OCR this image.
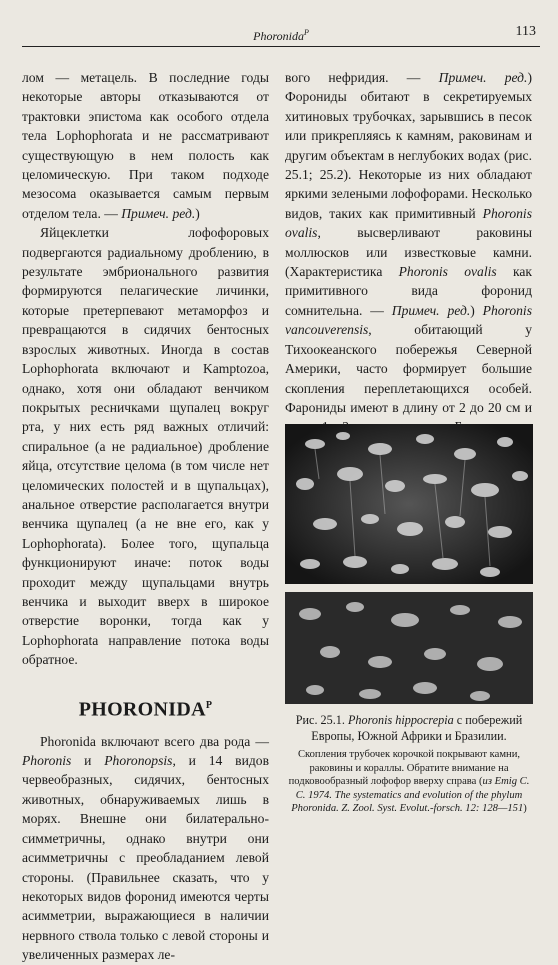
Phoronida$^P$	113

лом — метацель. В последние годы некоторые авторы отказываются от трактовки эпистома как особого отдела тела Lophophorata и не рассматривают существующую в нем полость как целомическую. При таком подходе мезосома оказывается самым первым отделом тела. — Примеч. ред.)

Яйцеклетки лофофоровых подвергаются радиальному дроблению, в результате эмбрионального развития формируются пелагические личинки, которые претерпевают метаморфоз и превращаются в сидячих бентосных взрослых животных. Иногда в состав Lophophorata включают и Kamptozoa, однако, хотя они обладают венчиком покрытых ресничками щупалец вокруг рта, у них есть ряд важных отличий: спиральное (а не радиальное) дробление яйца, отсутствие целома (в том числе нет целомических полостей и в щупальцах), анальное отверстие располагается внутри венчика щупалец (а не вне его, как у Lophophorata). Более того, щупальца функционируют иначе: поток воды проходит между щупальцами внутрь венчика и выходит вверх в широкое отверстие воронки, тогда как у Lophophorata направление потока воды обратное.

$PHORONIDA^P$

Phoronida включают всего два рода — Phoronis и Phoronopsis, и 14 видов червеобразных, сидячих, бентосных животных, обнаруживаемых лишь в морях. Внешне они билатерально-симметричны, однако внутри они асимметричны с преобладанием левой стороны. (Правильнее сказать, что у некоторых видов форонид имеются черты асимметрии, выражающиеся в наличии нервного ствола только с левой стороны и увеличенных размерах ле-

вого нефридия. — Примеч. ред.) Форониды обитают в секретируемых хитиновых трубочках, зарывшись в песок или прикрепляясь к камням, раковинам и другим объектам в неглубоких водах (рис. 25.1; 25.2). Некоторые из них обладают яркими зелеными лофофорами. Несколько видов, таких как примитивный Phoronis ovalis, высверливают раковины моллюсков или известковые камни. (Характеристика Phoronis ovalis как примитивного вида форонид сомнительна. — Примеч. ред.) Phoronis vancouverensis, обитающий у Тихоокеанского побережья Северной Америки, часто формирует большие скопления переплетающихся особей. Фарониды имеют в длину от 2 до 20 см и

Рис. 25.1. Phoronis hippocrepia с побережий Европы, Южной Африки и Бразилии.
Скопления трубочек корочкой покрывают камни, раковины и кораллы. Обратите внимание на подковообразный лофофор вверху справа (из Emig C. C. 1974. The systematics and evolution of the phylum Phoronida. Z. Zool. Syst. Evolut.-forsch. 12: 128—151)
